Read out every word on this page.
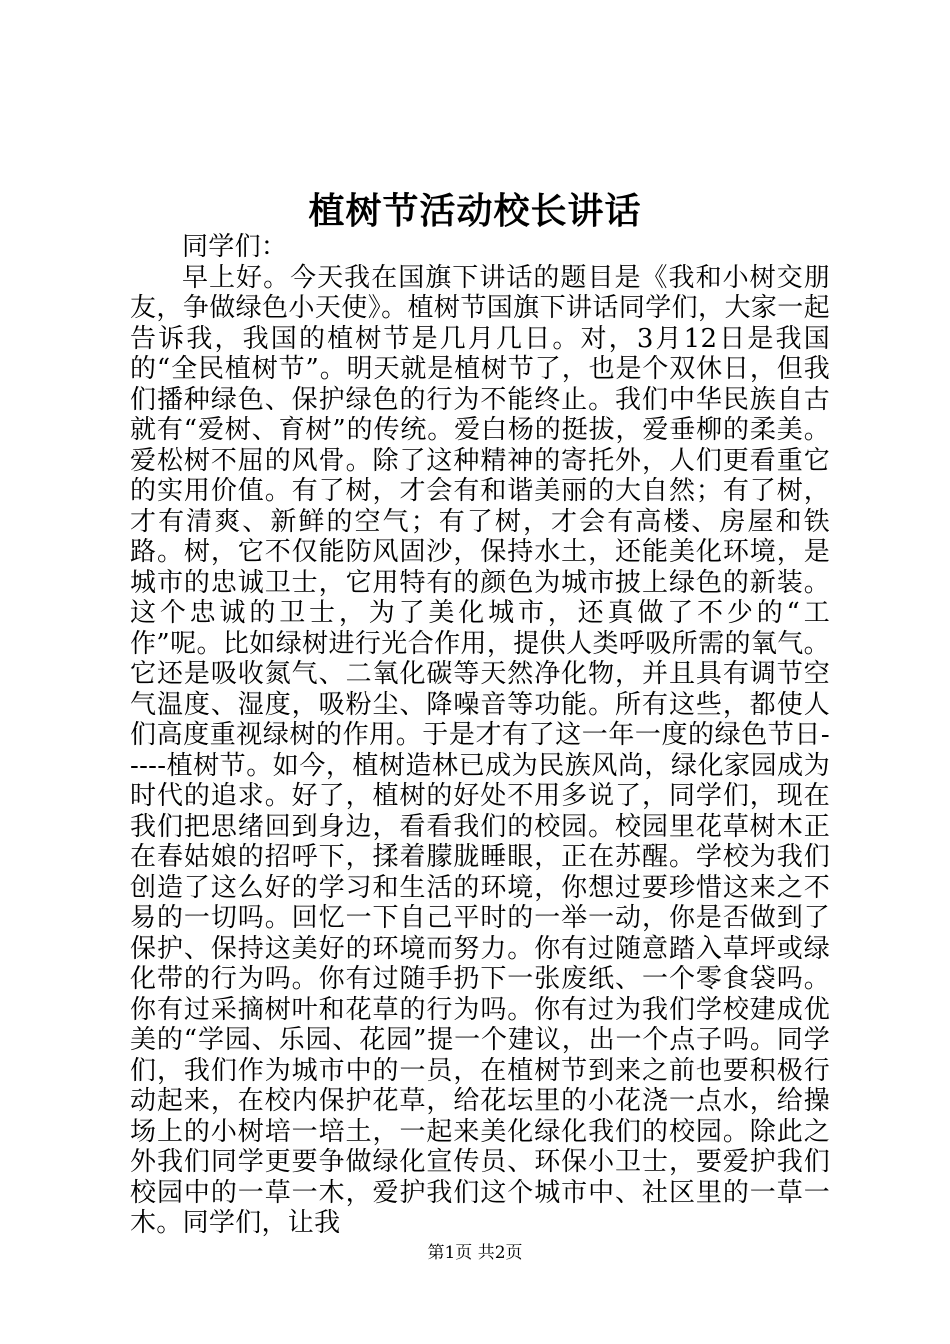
植树节活动校长讲话

同学们：

早上好。今天我在国旗下讲话的题目是《我和小树交朋友，争做绿色小天使》。植树节国旗下讲话同学们，大家一起告诉我，我国的植树节是几月几日。对，3月12日是我国的“全民植树节”。明天就是植树节了，也是个双休日，但我们播种绿色、保护绿色的行为不能终止。我们中华民族自古就有“爱树、育树”的传统。爱白杨的挺拔，爱垂柳的柔美。爱松树不屈的风骨。除了这种精神的寄托外，人们更看重它的实用价值。有了树，才会有和谐美丽的大自然；有了树，才有清爽、新鲜的空气；有了树，才会有高楼、房屋和铁路。树，它不仅能防风固沙，保持水土，还能美化环境，是城市的忠诚卫士，它用特有的颜色为城市披上绿色的新装。这个忠诚的卫士，为了美化城市，还真做了不少的“工作”呢。比如绿树进行光合作用，提供人类呼吸所需的氧气。它还是吸收氮气、二氧化碳等天然净化物，并且具有调节空气温度、湿度，吸粉尘、降噪音等功能。所有这些，都使人们高度重视绿树的作用。于是才有了这一年一度的绿色节日-----植树节。如今，植树造林已成为民族风尚，绿化家园成为时代的追求。好了，植树的好处不用多说了，同学们，现在我们把思绪回到身边，看看我们的校园。校园里花草树木正在春姑娘的招呼下，揉着朦胧睡眼，正在苏醒。学校为我们创造了这么好的学习和生活的环境，你想过要珍惜这来之不易的一切吗。回忆一下自己平时的一举一动，你是否做到了保护、保持这美好的环境而努力。你有过随意踏入草坪或绿化带的行为吗。你有过随手扔下一张废纸、一个零食袋吗。你有过采摘树叶和花草的行为吗。你有过为我们学校建成优美的“学园、乐园、花园”提一个建议，出一个点子吗。同学们，我们作为城市中的一员，在植树节到来之前也要积极行动起来，在校内保护花草，给花坛里的小花浇一点水，给操场上的小树培一培土，一起来美化绿化我们的校园。除此之外我们同学更要争做绿化宣传员、环保小卫士，要爱护我们校园中的一草一木，爱护我们这个城市中、社区里的一草一木。同学们，让我

第1页 共2页
